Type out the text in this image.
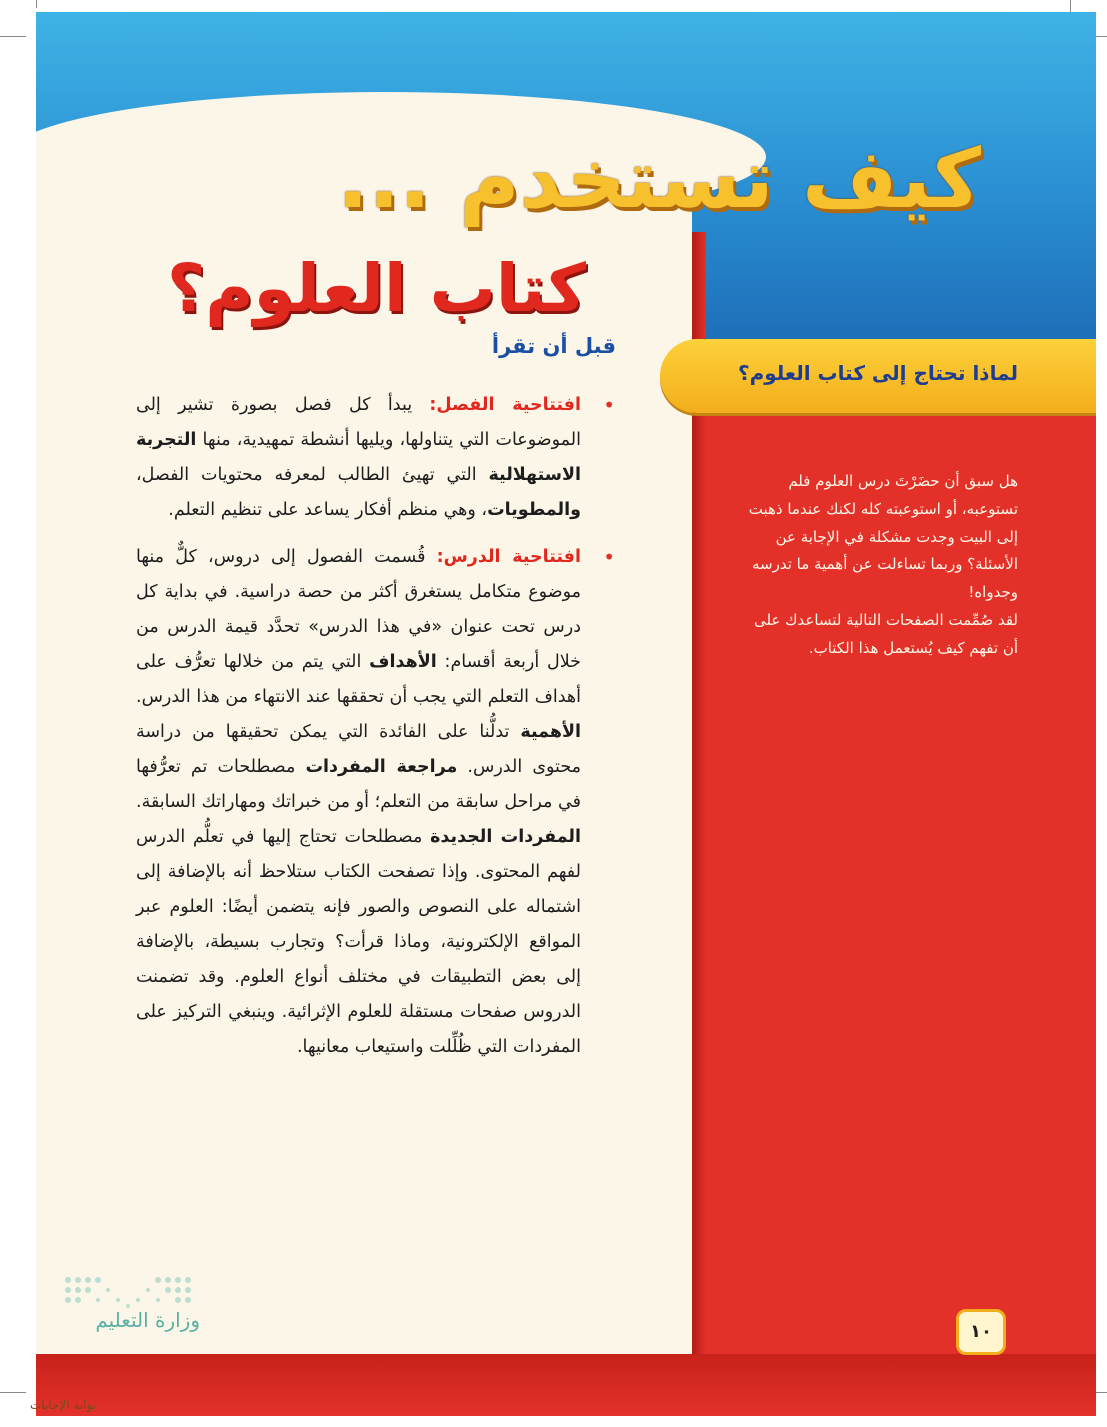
كيف تستخدم ...
كتاب العلوم؟
لماذا تحتاج إلى كتاب العلوم؟
قبل أن تقرأ
•
افتتاحية الفصل: يبدأ كل فصل بصورة تشير إلى الموضوعات التي يتناولها، ويليها أنشطة تمهيدية، منها التجربة الاستهلالية التي تهيئ الطالب لمعرفه محتويات الفصل، والمطويات، وهي منظم أفكار يساعد على تنظيم التعلم.
•
افتتاحية الدرس: قُسمت الفصول إلى دروس، كلٌّ منها موضوع متكامل يستغرق أكثر من حصة دراسية. في بداية كل درس تحت عنوان «في هذا الدرس» تحدَّد قيمة الدرس من خلال أربعة أقسام: الأهداف التي يتم من خلالها تعرُّف على أهداف التعلم التي يجب أن تحققها عند الانتهاء من هذا الدرس. الأهمية تدلُّنا على الفائدة التي يمكن تحقيقها من دراسة محتوى الدرس. مراجعة المفردات مصطلحات تم تعرُّفها في مراحل سابقة من التعلم؛ أو من خبراتك ومهاراتك السابقة. المفردات الجديدة مصطلحات تحتاج إليها في تعلُّم الدرس لفهم المحتوى. وإذا تصفحت الكتاب ستلاحظ أنه بالإضافة إلى اشتماله على النصوص والصور فإنه يتضمن أيضًا: العلوم عبر المواقع الإلكترونية، وماذا قرأت؟ وتجارب بسيطة، بالإضافة إلى بعض التطبيقات في مختلف أنواع العلوم. وقد تضمنت الدروس صفحات مستقلة للعلوم الإثرائية. وينبغي التركيز على المفردات التي ظُلِّلت واستيعاب معانيها.

هل سبق أن حضَرْتَ درس العلوم فلم تستوعبه، أو استوعبته كله لكنك عندما ذهبت إلى البيت وجدت مشكلة في الإجابة عن الأسئلة؟ وربما تساءلت عن أهمية ما تدرسه وجدواه!

لقد صُمِّمت الصفحات التالية لتساعدك على أن تفهم كيف يُستعمل هذا الكتاب.

١٠
وزارة التعليم
بوابة الإجابات
